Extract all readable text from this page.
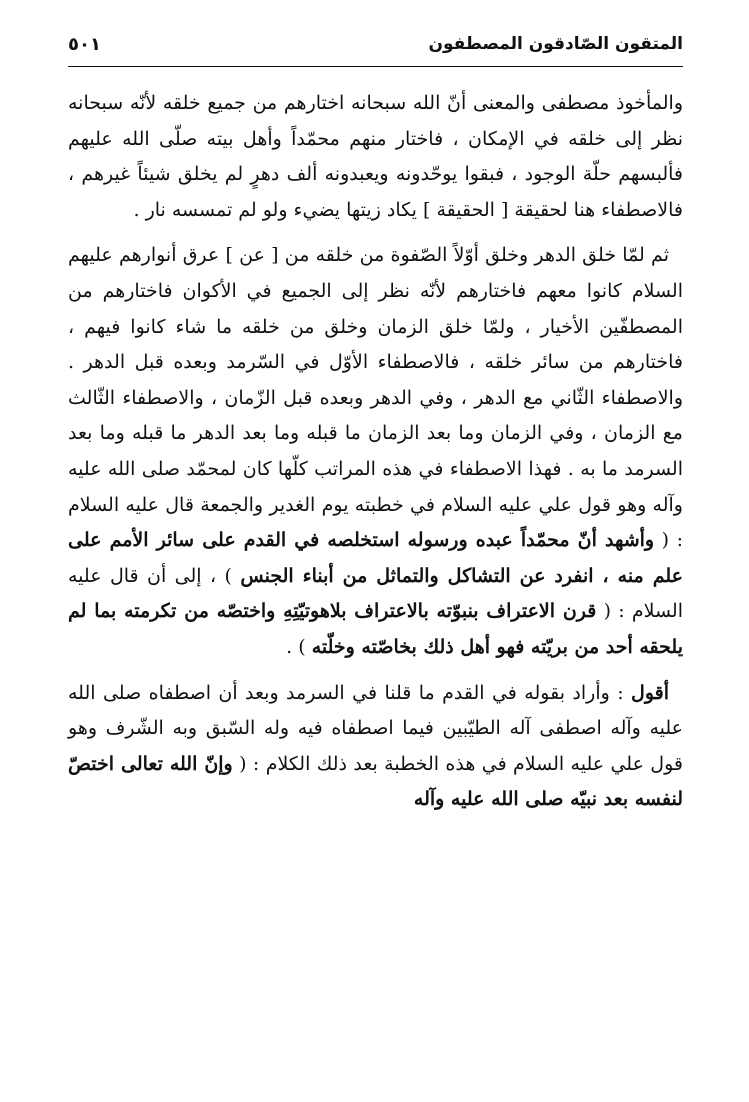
المتقون الصّادقون المصطفون
٥٠١

والمأخوذ مصطفى والمعنى أنّ الله سبحانه اختارهم من جميع خلقه لأنّه سبحانه نظر إلى خلقه في الإمكان ، فاختار منهم محمّداً وأهل بيته صلّى الله عليهم فألبسهم حلّة الوجود ، فبقوا يوحّدونه ويعبدونه ألف دهرٍ لم يخلق شيئاً غيرهم ، فالاصطفاء هنا لحقيقة [ الحقيقة ] يكاد زيتها يضيء ولو لم تمسسه نار .

ثم لمّا خلق الدهر وخلق أوّلاً الصّفوة من خلقه من [ عن ] عرق أنوارهم عليهم السلام كانوا معهم فاختارهم لأنّه نظر إلى الجميع في الأكوان فاختارهم من المصطفّين الأخيار ، ولمّا خلق الزمان وخلق من خلقه ما شاء كانوا فيهم ، فاختارهم من سائر خلقه ، فالاصطفاء الأوّل في السّرمد وبعده قبل الدهر . والاصطفاء الثّاني مع الدهر ، وفي الدهر وبعده قبل الزّمان ، والاصطفاء الثّالث مع الزمان ، وفي الزمان وما بعد الزمان ما قبله وما بعد الدهر ما قبله وما بعد السرمد ما به . فهذا الاصطفاء في هذه المراتب كلّها كان لمحمّد صلى الله عليه وآله وهو قول علي عليه السلام في خطبته يوم الغدير والجمعة قال عليه السلام : ( وأشهد أنّ محمّداً عبده ورسوله استخلصه في القدم على سائر الأمم على علم منه ، انفرد عن التشاكل والتماثل من أبناء الجنس ) ، إلى أن قال عليه السلام : ( قرن الاعتراف بنبوّته بالاعتراف بلاهوتيّتِهِ واختصّه من تكرمته بما لم يلحقه أحد من بريّته فهو أهل ذلك بخاصّته وخلّته ) .

أقول : وأراد بقوله في القدم ما قلنا في السرمد وبعد أن اصطفاه صلى الله عليه وآله اصطفى آله الطيّبين فيما اصطفاه فيه وله السّبق وبه الشّرف وهو قول علي عليه السلام في هذه الخطبة بعد ذلك الكلام : ( وإنّ الله تعالى اختصّ لنفسه بعد نبيّه صلى الله عليه وآله
